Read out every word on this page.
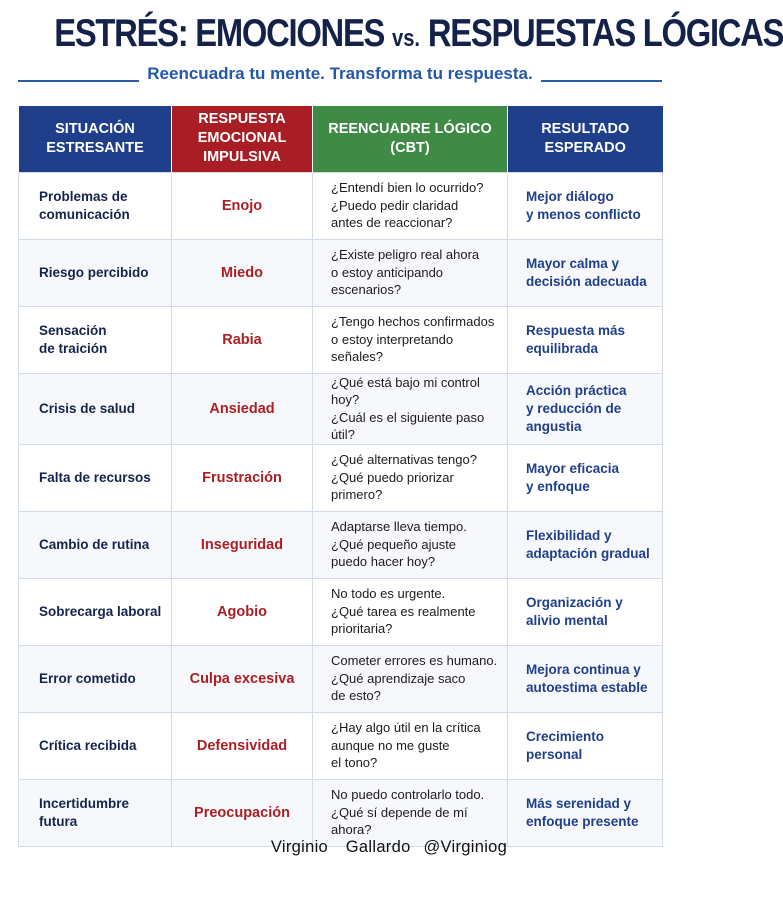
ESTRÉS: EMOCIONES vs. RESPUESTAS LÓGICAS
Reencuadra tu mente. Transforma tu respuesta.
SITUACIÓN
ESTRESANTE	RESPUESTA
EMOCIONAL
IMPULSIVA	REENCUADRE LÓGICO
(CBT)	RESULTADO
ESPERADO

Problemas de
comunicación	Enojo	¿Entendí bien lo ocurrido?
¿Puedo pedir claridad
antes de reaccionar?	Mejor diálogo
y menos conflicto

Riesgo percibido	Miedo	¿Existe peligro real ahora
o estoy anticipando
escenarios?	Mayor calma y
decisión adecuada

Sensación
de traición	Rabia	¿Tengo hechos confirmados
o estoy interpretando
señales?	Respuesta más
equilibrada

Crisis de salud	Ansiedad	¿Qué está bajo mi control hoy?
¿Cuál es el siguiente paso útil?	Acción práctica
y reducción de angustia

Falta de recursos	Frustración	¿Qué alternativas tengo?
¿Qué puedo priorizar
primero?	Mayor eficacia
y enfoque

Cambio de rutina	Inseguridad	Adaptarse lleva tiempo.
¿Qué pequeño ajuste
puedo hacer hoy?	Flexibilidad y
adaptación gradual

Sobrecarga laboral	Agobio	No todo es urgente.
¿Qué tarea es realmente
prioritaria?	Organización y
alivio mental

Error cometido	Culpa excesiva	Cometer errores es humano.
¿Qué aprendizaje saco
de esto?	Mejora continua y
autoestima estable

Crítica recibida	Defensividad	¿Hay algo útil en la crítica
aunque no me guste
el tono?	Crecimiento
personal

Incertidumbre futura	Preocupación	No puedo controlarlo todo.
¿Qué sí depende de mí
ahora?	Más serenidad y
enfoque presente
Virginio  Gallardo @Virginiog
